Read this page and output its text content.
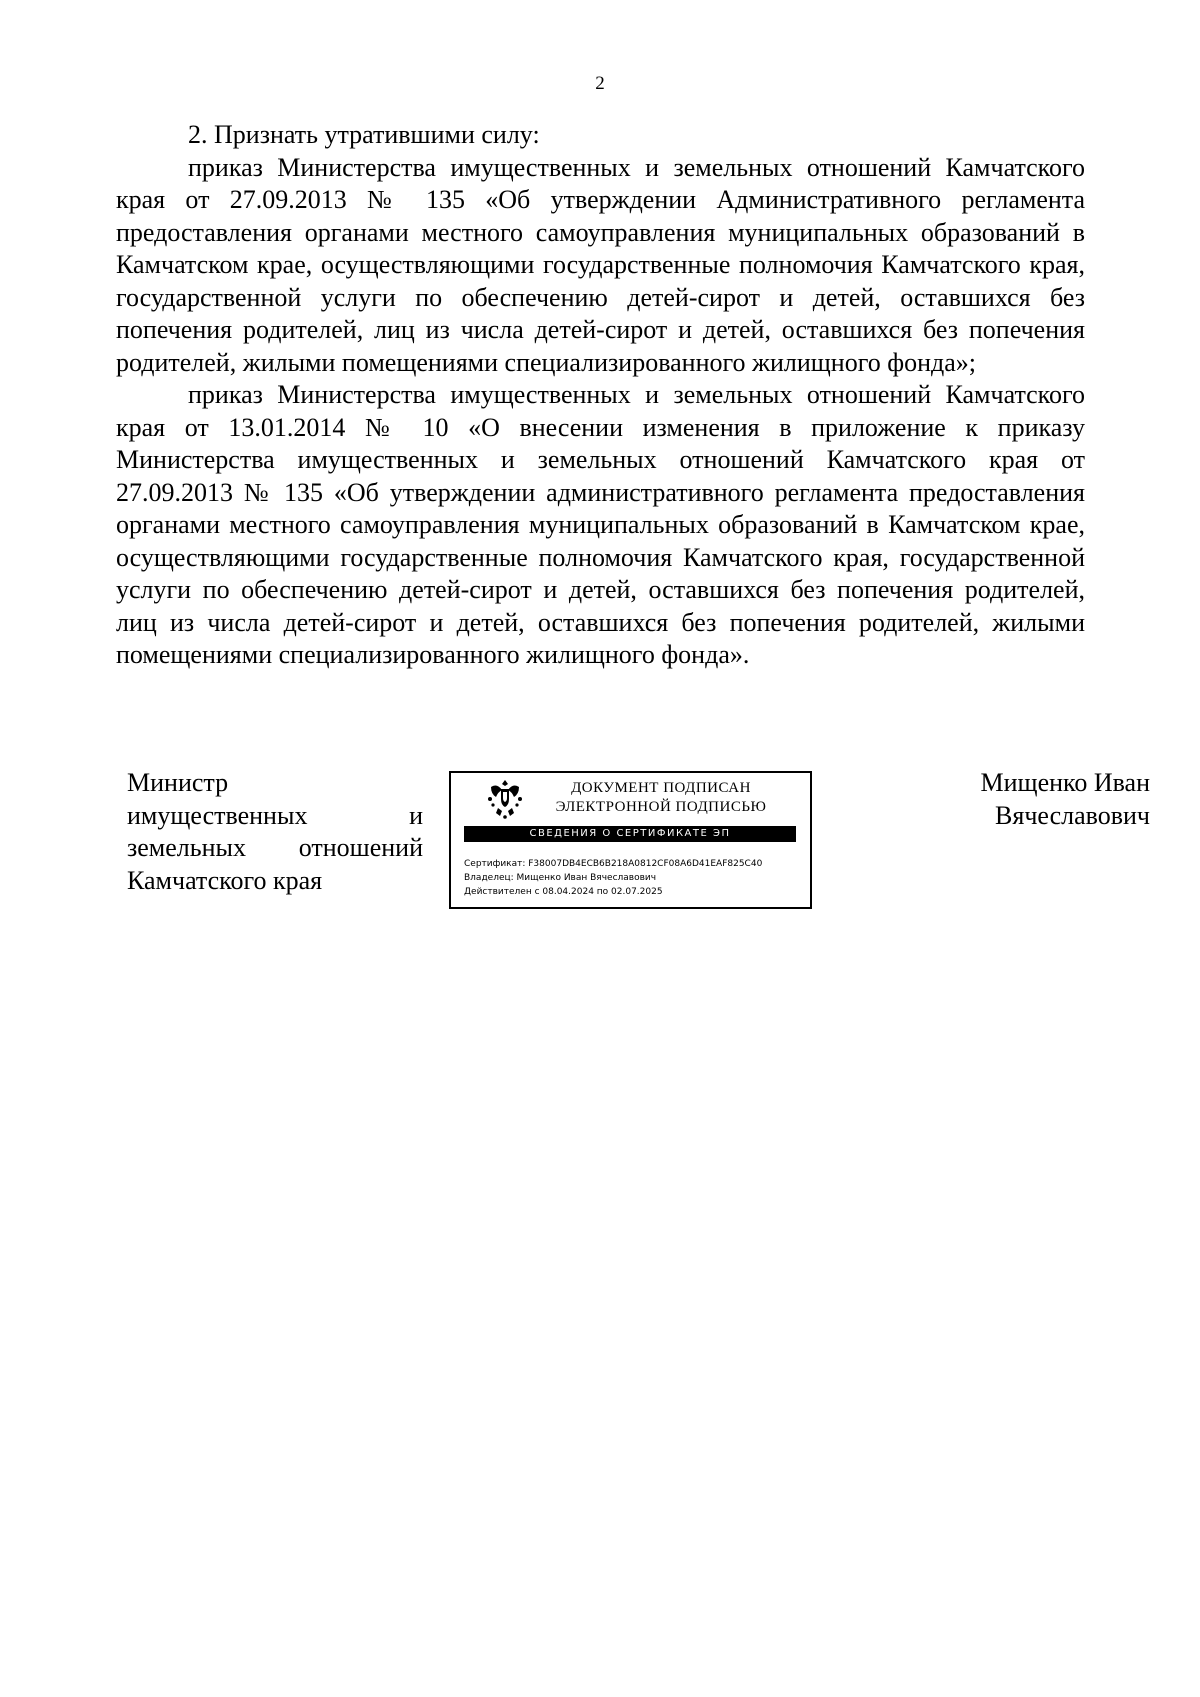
2

2. Признать утратившими силу:

приказ Министерства имущественных и земельных отношений Камчатского края от 27.09.2013 № 135 «Об утверждении Административного регламента предоставления органами местного самоуправления муниципальных образований в Камчатском крае, осуществляющими государственные полномочия Камчатского края, государственной услуги по обеспечению детей-сирот и детей, оставшихся без попечения родителей, лиц из числа детей-сирот и детей, оставшихся без попечения родителей, жилыми помещениями специализированного жилищного фонда»;

приказ Министерства имущественных и земельных отношений Камчатского края от 13.01.2014 № 10 «О внесении изменения в приложение к приказу Министерства имущественных и земельных отношений Камчатского края от 27.09.2013 № 135 «Об утверждении административного регламента предоставления органами местного самоуправления муниципальных образований в Камчатском крае, осуществляющими государственные полномочия Камчатского края, государственной услуги по обеспечению детей-сирот и детей, оставшихся без попечения родителей, лиц из числа детей-сирот и детей, оставшихся без попечения родителей, жилыми помещениями специализированного жилищного фонда».

Министр
имущественных и
земельных отношений
Камчатского края
ДОКУМЕНТ ПОДПИСАН
ЭЛЕКТРОННОЙ ПОДПИСЬЮ
СВЕДЕНИЯ О СЕРТИФИКАТЕ ЭП
Сертификат: F38007DB4ECB6B218A0812CF08A6D41EAF825C40
Владелец: Мищенко Иван Вячеславович
Действителен с 08.04.2024 по 02.07.2025
Мищенко Иван
Вячеславович
